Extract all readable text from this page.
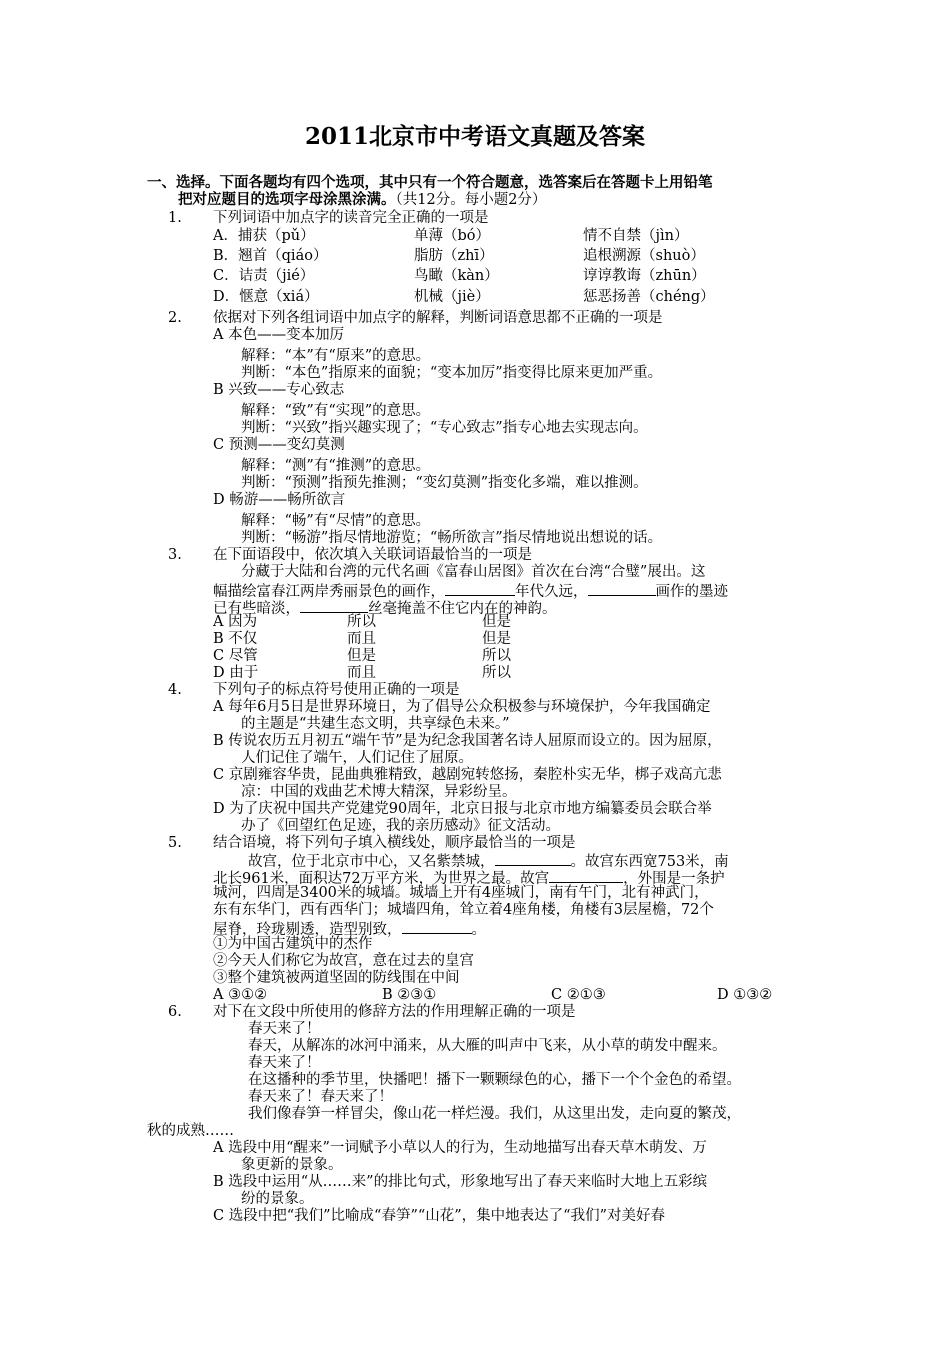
2011北京市中考语文真题及答案
一、选择。下面各题均有四个选项，其中只有一个符合题意，选答案后在答题卡上用铅笔
把对应题目的选项字母涂黑涂满。（共12分。每小题2分）
1. 下列词语中加点字的读音完全正确的一项是
A．捕获（pǔ）	单薄（bó）	情不自禁（jìn）
B．翘首（qiáo）	脂肪（zhī）	追根溯源（shuò）
C．诘责（jié）	鸟瞰（kàn）	谆谆教诲（zhūn）
D．惬意（xiá）	机械（jiè）	惩恶扬善（chéng）
2. 依据对下列各组词语中加点字的解释，判断词语意思都不正确的一项是
A 本色——变本加厉
解释：“本”有“原来”的意思。
判断：“本色”指原来的面貌；“变本加厉”指变得比原来更加严重。
B 兴致——专心致志
解释：“致”有“实现”的意思。
判断：“兴致”指兴趣实现了；“专心致志”指专心地去实现志向。
C 预测——变幻莫测
解释：“测”有“推测”的意思。
判断：“预测”指预先推测；“变幻莫测”指变化多端，难以推测。
D 畅游——畅所欲言
解释：“畅”有“尽情”的意思。
判断：“畅游”指尽情地游览；“畅所欲言”指尽情地说出想说的话。
3. 在下面语段中，依次填入关联词语最恰当的一项是
分藏于大陆和台湾的元代名画《富春山居图》首次在台湾“合璧”展出。这
幅描绘富春江两岸秀丽景色的画作，	年代久远，	画作的墨迹
已有些暗淡，	丝毫掩盖不住它内在的神韵。
A 因为	所以	但是
B 不仅	而且	但是
C 尽管	但是	所以
D 由于	而且	所以
4. 下列句子的标点符号使用正确的一项是
A 每年6月5日是世界环境日，为了倡导公众积极参与环境保护，今年我国确定
的主题是“共建生态文明，共享绿色未来。”
B 传说农历五月初五“端午节”是为纪念我国著名诗人屈原而设立的。因为屈原，
人们记住了端午，人们记住了屈原。
C 京剧雍容华贵，昆曲典雅精致，越剧宛转悠扬，秦腔朴实无华，梆子戏高亢悲
凉：中国的戏曲艺术博大精深，异彩纷呈。
D 为了庆祝中国共产党建党90周年，北京日报与北京市地方编纂委员会联合举
办了《回望红色足迹，我的亲历感动》征文活动。
5. 结合语境，将下列句子填入横线处，顺序最恰当的一项是
故宫，位于北京市中心，又名紫禁城，	。故宫东西宽753米，南
北长961米，面积达72万平方米，为世界之最。故宫	，外围是一条护
城河，四周是3400米的城墙。城墙上开有4座城门，南有午门，北有神武门，
东有东华门，西有西华门；城墙四角，耸立着4座角楼，角楼有3层屋檐，72个
屋脊，玲珑剔透，造型别致，	。
①为中国古建筑中的杰作
②今天人们称它为故宫，意在过去的皇宫
③整个建筑被两道坚固的防线围在中间
A ③①②	B ②③①	C ②①③	D ①③②
6. 对下在文段中所使用的修辞方法的作用理解正确的一项是
春天来了！
春天，从解冻的冰河中涌来，从大雁的叫声中飞来，从小草的萌发中醒来。
春天来了！
在这播种的季节里，快播吧！播下一颗颗绿色的心，播下一个个金色的希望。
春天来了！春天来了！
我们像春笋一样冒尖，像山花一样烂漫。我们，从这里出发，走向夏的繁茂，
秋的成熟……
A 选段中用“醒来”一词赋予小草以人的行为，生动地描写出春天草木萌发、万
象更新的景象。
B 选段中运用“从……来”的排比句式，形象地写出了春天来临时大地上五彩缤
纷的景象。
C 选段中把“我们”比喻成“春笋”“山花”，集中地表达了“我们”对美好春
